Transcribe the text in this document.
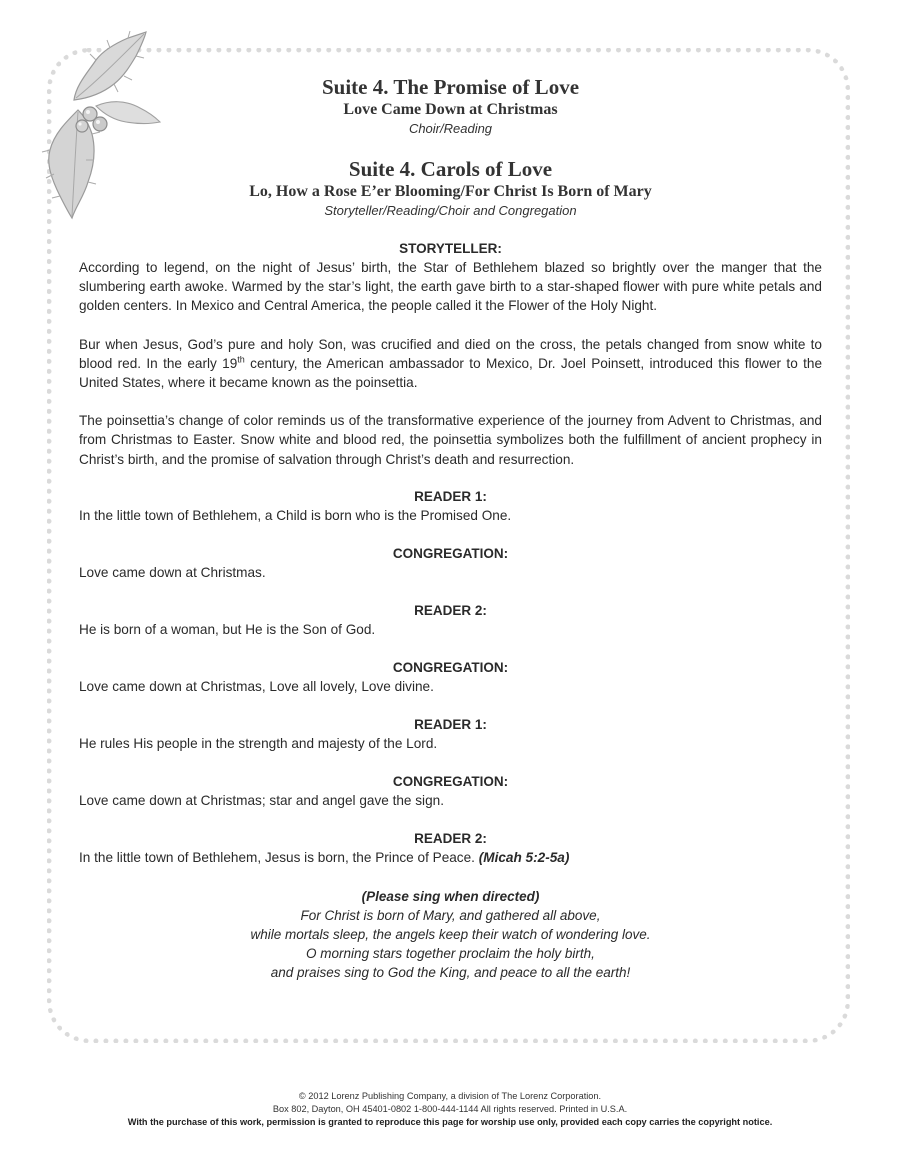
Suite 4. The Promise of Love
Love Came Down at Christmas
Choir/Reading
Suite 4. Carols of Love
Lo, How a Rose E’er Blooming/For Christ Is Born of Mary
Storyteller/Reading/Choir and Congregation
STORYTELLER:
According to legend, on the night of Jesus’ birth, the Star of Bethlehem blazed so brightly over the manger that the slumbering earth awoke. Warmed by the star’s light, the earth gave birth to a star-shaped flower with pure white petals and golden centers. In Mexico and Central America, the people called it the Flower of the Holy Night.
Bur when Jesus, God’s pure and holy Son, was crucified and died on the cross, the petals changed from snow white to blood red. In the early 19th century, the American ambassador to Mexico, Dr. Joel Poinsett, introduced this flower to the United States, where it became known as the poinsettia.
The poinsettia’s change of color reminds us of the transformative experience of the journey from Advent to Christmas, and from Christmas to Easter. Snow white and blood red, the poinsettia symbolizes both the fulfillment of ancient prophecy in Christ’s birth, and the promise of salvation through Christ’s death and resurrection.
READER 1:
In the little town of Bethlehem, a Child is born who is the Promised One.
CONGREGATION:
Love came down at Christmas.
READER 2:
He is born of a woman, but He is the Son of God.
CONGREGATION:
Love came down at Christmas, Love all lovely, Love divine.
READER 1:
He rules His people in the strength and majesty of the Lord.
CONGREGATION:
Love came down at Christmas; star and angel gave the sign.
READER 2:
In the little town of Bethlehem, Jesus is born, the Prince of Peace. (Micah 5:2-5a)
(Please sing when directed)
For Christ is born of Mary, and gathered all above,
while mortals sleep, the angels keep their watch of wondering love.
O morning stars together proclaim the holy birth,
and praises sing to God the King, and peace to all the earth!
© 2012 Lorenz Publishing Company, a division of The Lorenz Corporation.
Box 802, Dayton, OH 45401-0802 1-800-444-1144 All rights reserved. Printed in U.S.A.
With the purchase of this work, permission is granted to reproduce this page for worship use only, provided each copy carries the copyright notice.
